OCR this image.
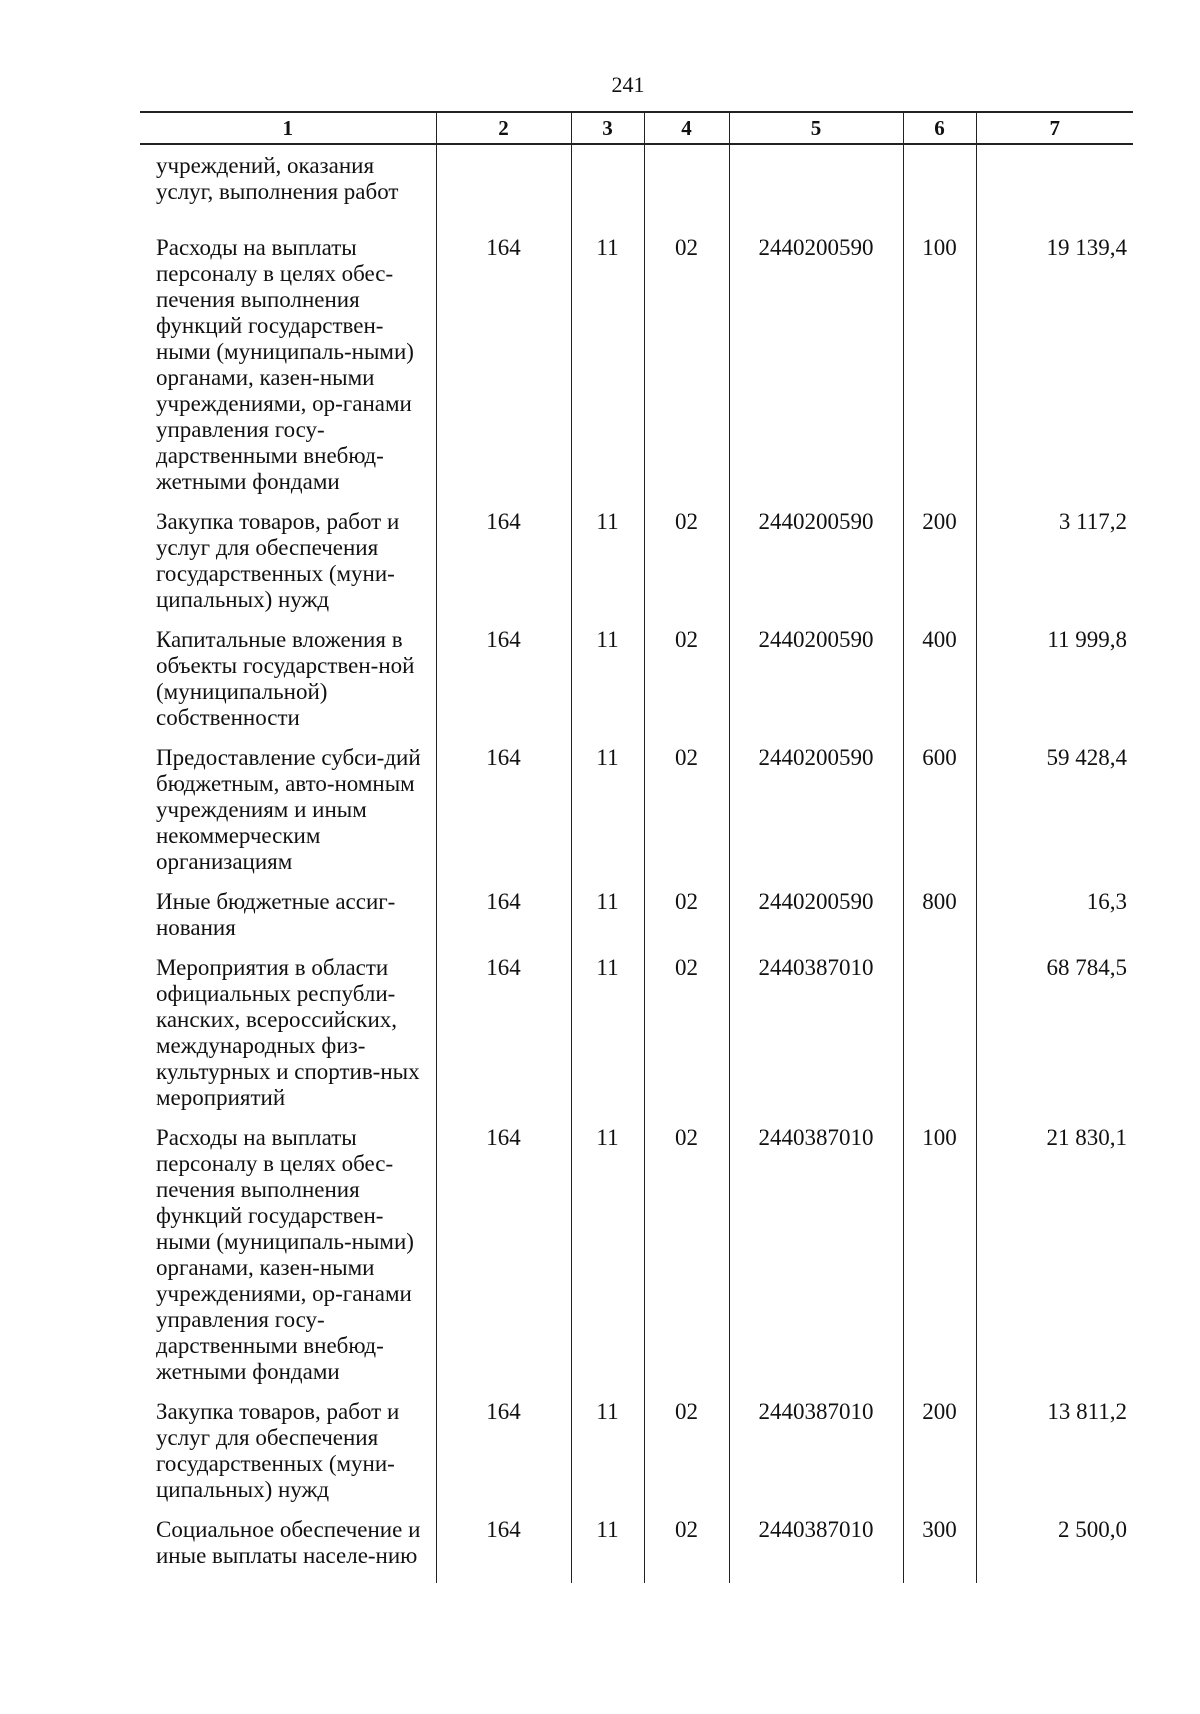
241
1	2	3	4	5	6	7
учреждений, оказания услуг, выполнения работ						
Расходы на выплаты персоналу в целях обес-печения выполнения функций государствен-ными (муниципаль-ными) органами, казен-ными учреждениями, ор-ганами управления госу-дарственными внебюд-жетными фондами	164	11	02	2440200590	100	19 139,4
Закупка товаров, работ и услуг для обеспечения государственных (муни-ципальных) нужд	164	11	02	2440200590	200	3 117,2
Капитальные вложения в объекты государствен-ной (муниципальной) собственности	164	11	02	2440200590	400	11 999,8
Предоставление субси-дий бюджетным, авто-номным учреждениям и иным некоммерческим организациям	164	11	02	2440200590	600	59 428,4
Иные бюджетные ассиг-нования	164	11	02	2440200590	800	16,3
Мероприятия в области официальных республи-канских, всероссийских, международных физ-культурных и спортив-ных мероприятий	164	11	02	2440387010		68 784,5
Расходы на выплаты персоналу в целях обес-печения выполнения функций государствен-ными (муниципаль-ными) органами, казен-ными учреждениями, ор-ганами управления госу-дарственными внебюд-жетными фондами	164	11	02	2440387010	100	21 830,1
Закупка товаров, работ и услуг для обеспечения государственных (муни-ципальных) нужд	164	11	02	2440387010	200	13 811,2
Социальное обеспечение и иные выплаты населе-нию	164	11	02	2440387010	300	2 500,0
